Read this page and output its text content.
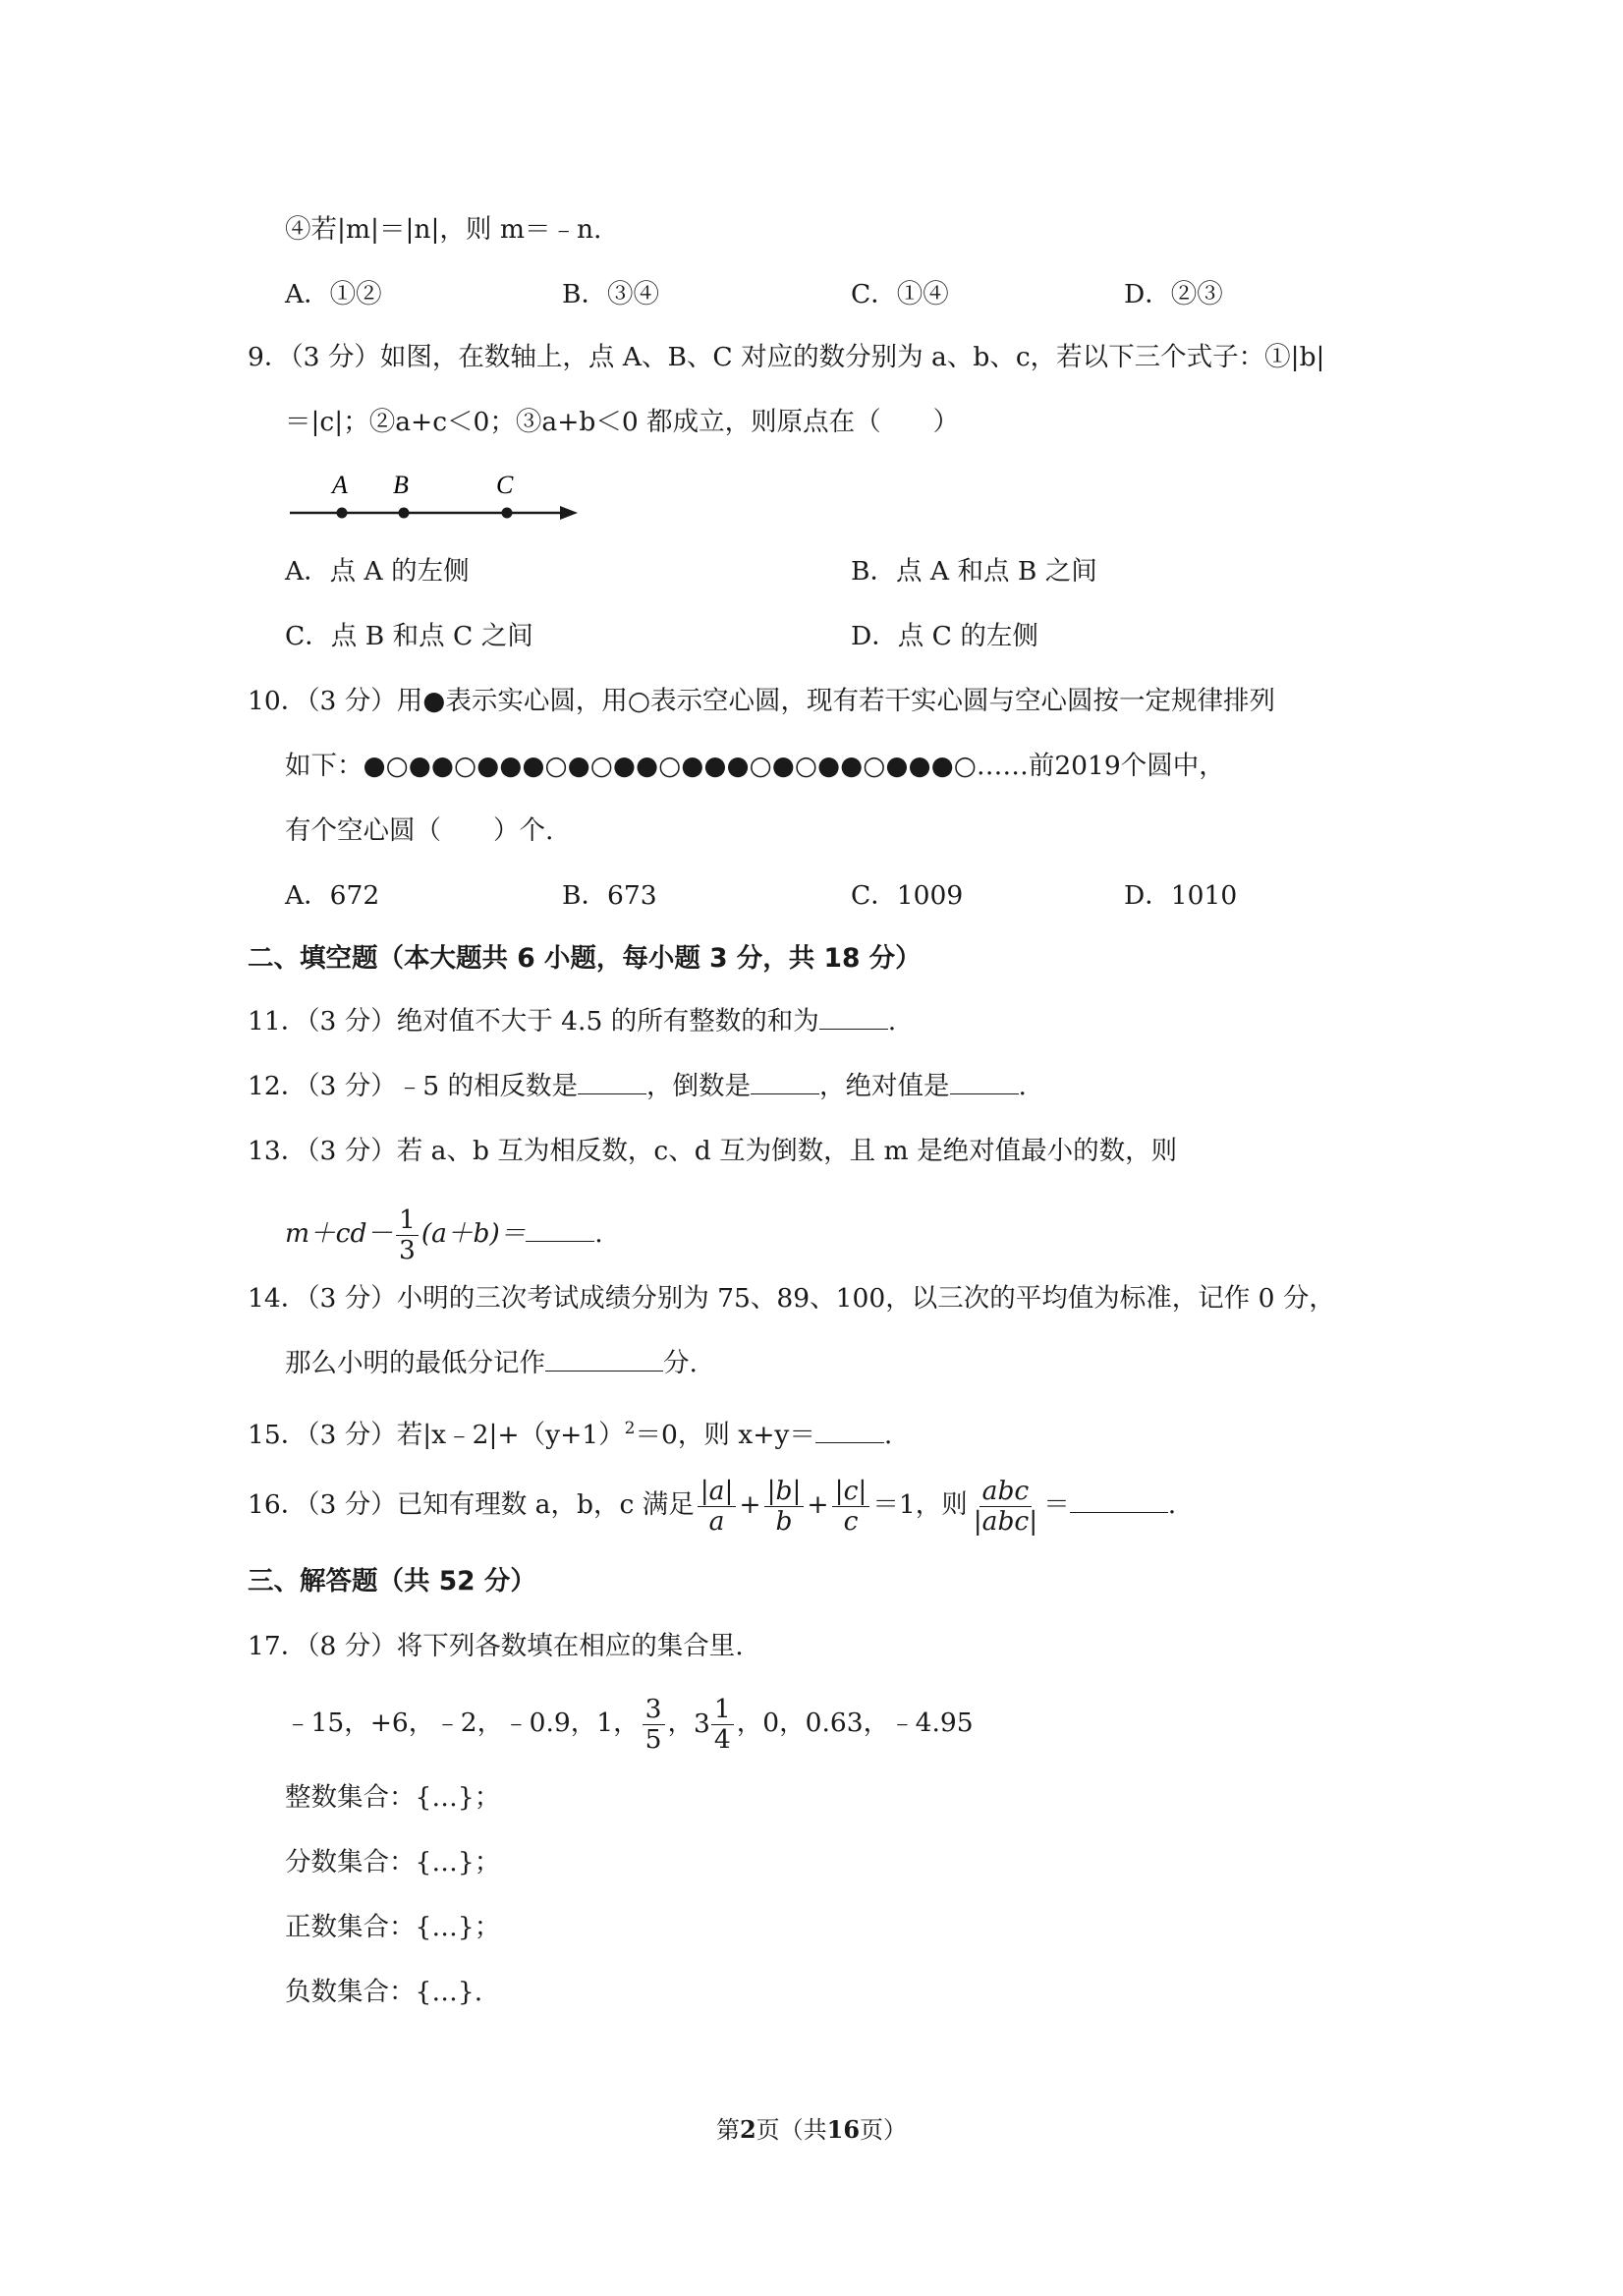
④若|m|＝|n|，则 m＝﹣n.
A．①②	B．③④	C．①④	D．②③
9．（3 分）如图，在数轴上，点 A、B、C 对应的数分别为 a、b、c，若以下三个式子：①|b|
＝|c|；②a+c＜0；③a+b＜0 都成立，则原点在（　　）
A B	C
A．点 A 的左侧	B．点 A 和点 B 之间
C．点 B 和点 C 之间	D．点 C 的左侧
10．（3 分）用●表示实心圆，用○表示空心圆，现有若干实心圆与空心圆按一定规律排列
如下：●○●●○●●●○●○●●○●●●○●○●●○●●●○……前2019个圆中，
有个空心圆（　　）个.
A．672	B．673	C．1009	D．1010
二、填空题（本大题共 6 小题，每小题 3 分，共 18 分）
11．（3 分）绝对值不大于 4.5 的所有整数的和为	.
12．（3 分）﹣5 的相反数是	，倒数是	，绝对值是	.
13．（3 分）若 a、b 互为相反数，c、d 互为倒数，且 m 是绝对值最小的数，则
$m+cd- \frac{1}{3} (a+b)=$	.
14．（3 分）小明的三次考试成绩分别为 75、89、100，以三次的平均值为标准，记作 0 分，
那么小明的最低分记作	分.
15．（3 分）若$|x﹣2|+(y+1)^2=0$，则 x+y＝	.
16．（3 分）已知有理数 a，b，c 满足 $\frac{|a|}{a} + \frac{|b|}{b} + \frac{|c|}{c} =1$，则 abc
|abc|
＝	.
三、解答题（共 52 分）
17．（8 分）将下列各数填在相应的集合里.
﹣15，+6，﹣2，﹣0.9，1， $\frac{3}{5}$ ， $3 \frac{1}{4}$ ，0，0.63，﹣4.95
整数集合：{…}；
分数集合：{…}；
正数集合：{…}；
负数集合：{…}.
第2页（共16页）
